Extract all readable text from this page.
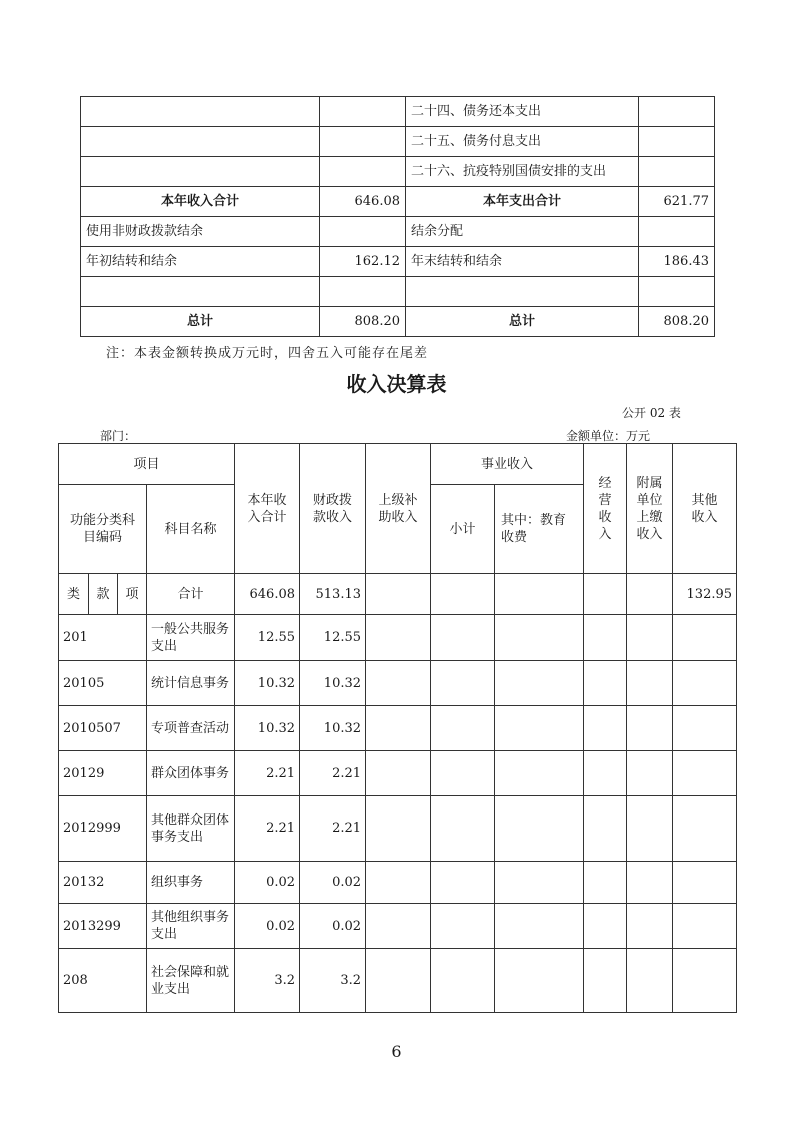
		二十四、债务还本支出	
		二十五、债务付息支出	
		二十六、抗疫特别国债安排的支出	
本年收入合计	646.08	本年支出合计	621.77
使用非财政拨款结余		结余分配	
年初结转和结余	162.12	年末结转和结余	186.43

总计	808.20	总计	808.20
注：本表金额转换成万元时，四舍五入可能存在尾差
收入决算表
公开 02 表
部门：	金额单位：万元
项目				本年收入合计	财政拨款收入	上级补助收入	事业收入		经营收入	附属单位上缴收入	其他收入
功能分类科目编码			科目名称				小计	其中：教育收费			
类	款	项	合计	646.08	513.13						132.95
201			一般公共服务支出	12.55	12.55						
20105			统计信息事务	10.32	10.32						
2010507			专项普查活动	10.32	10.32						
20129			群众团体事务	2.21	2.21						
2012999			其他群众团体事务支出	2.21	2.21						
20132			组织事务	0.02	0.02						
2013299			其他组织事务支出	0.02	0.02						
208			社会保障和就业支出	3.2	3.2						
6
